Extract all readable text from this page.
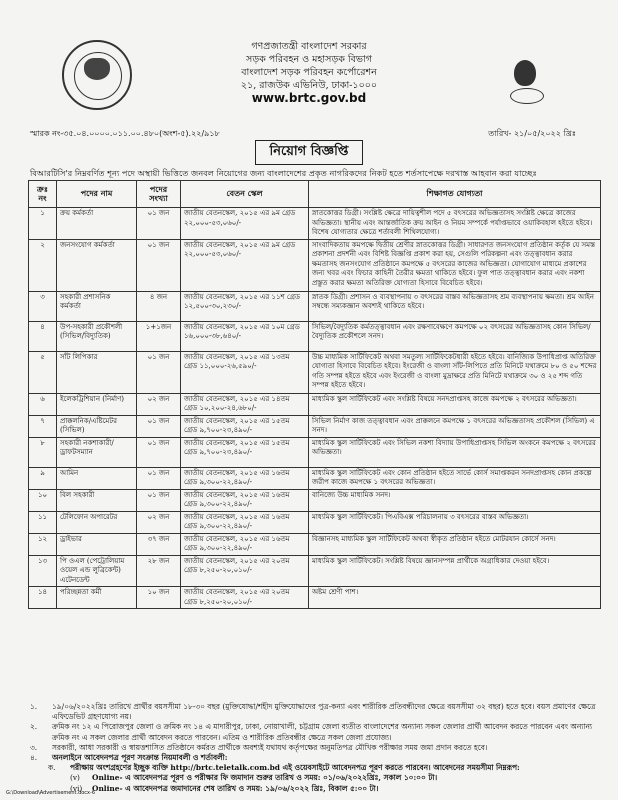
গণপ্রজাতন্ত্রী বাংলাদেশ সরকার
সড়ক পরিবহন ও মহাসড়ক বিভাগ
বাংলাদেশ সড়ক পরিবহন কর্পোরেশন
২১, রাজউক এভিনিউ, ঢাকা-১০০০
www.brtc.gov.bd
স্মারক নং-৩৫.০৪.০০০০.০১১.০০.৪৮০(অংশ-৫).২২/৯১৮	তারিখ- ২১/০৫/২০২২ খ্রিঃ
নিয়োগ বিজ্ঞপ্তি
বিআরটিসি'র নিম্নবর্ণিত শূন্য পদে অস্থায়ী ভিত্তিতে জনবল নিয়োগের জন্য বাংলাদেশের প্রকৃত নাগরিকদের নিকট হতে শর্তসাপেক্ষে দরখাস্ত আহবান করা যাচ্ছেঃ
ক্রঃ নং	পদের নাম	পদের সংখ্যা	বেতন স্কেল	শিক্ষাগত যোগ্যতা
১	ক্রয় কর্মকর্তা	০১ জন	জাতীয় বেতনস্কেল, ২০১৫ এর ৯ম গ্রেড ২২,০০০-৫৩,০৬০/-	স্নাতকোত্তর ডিগ্রী। সংশ্লিষ্ট ক্ষেত্রে দায়িত্বশীল পদে ৫ বৎসরের অভিজ্ঞতাসহ সংশ্লিষ্ট ক্ষেত্রে কাজের অভিজ্ঞতা। স্থানীয় এবং আন্তর্জাতিক ক্রয় আইন ও নিয়ম সম্পর্কে পর্যাপ্তভাবে ওয়াকিবহাল হইতে হইবে। বিশেষ যোগ্যতার ক্ষেত্রে শর্তাবলী শিথিলযোগ্য।
২	জনসংযোগ কর্মকর্তা	০১ জন	জাতীয় বেতনস্কেল, ২০১৫ এর ৯ম গ্রেড ২২,০০০-৫৩,০৬০/-	সাংবাদিকতায় কমপক্ষে দ্বিতীয় শ্রেণীর স্নাতকোত্তর ডিগ্রী। সাধারণত জনসংযোগ প্রতিষ্ঠান কর্তৃক যে সমস্ত প্রকাশনা প্রদর্শনী এবং বিশিষ্ট বিজ্ঞপ্তি প্রকাশ করা হয়, সেগুলি পরিকল্পনা এবং তত্ত্বাবধান করার ক্ষমতাসহ জনসংযোগ প্রতিষ্ঠানে কমপক্ষে ৫ বৎসরের কাজের অভিজ্ঞতা। যোগাযোগ মাধ্যমে প্রকাশের জন্য খবর এবং ফিচার কাহিনী তৈরীর ক্ষমতা থাকিতে হইবে। ফুল পাত তত্ত্বাবধান করার এবং নকশা প্রস্তুত করার ক্ষমতা অতিরিক্ত যোগ্যতা হিসাবে বিবেচিত হইবে।
৩	সহকারী প্রশাসনিক কর্মকর্তা	৪ জন	জাতীয় বেতনস্কেল, ২০১৫ এর ১১শ গ্রেড ১২,৫০০-৩০,২৩০/-	স্নাতক ডিগ্রী। প্রশাসন ও ব্যবস্থাপনায় ৩ বৎসরের বাস্তব অভিজ্ঞতাসহ শ্রম ব্যবস্থাপনায় ক্ষমতা। শ্রম আইন সম্বন্ধে সম্যকজ্ঞান অবশ্যই থাকিতে হইবে।
৪	উপ-সহকারী প্রকৌশলী (সিভিল/বিদ্যুতিক)	১+১জন	জাতীয় বেতনস্কেল, ২০১৫ এর ১০ম গ্রেড ১৬,০০০-৩৮,৬৪০/-	সিভিল/বৈদ্যুতিক কর্মতত্ত্বাবধান এবং রক্ষণাবেক্ষণে কমপক্ষে ০২ বৎসরের অভিজ্ঞতাসহ কোন সিভিল/বৈদ্যুতিক প্রকৌশলে সনদ।
৫	সাঁট লিপিকার	০১ জন	জাতীয় বেতনস্কেল, ২০১৫ এর ১৩তম গ্রেড ১১,০০০-২৬,৫৯০/-	উচ্চ মাধ্যমিক সার্টিফিকেট অথবা সমতুল্য সার্টিফিকেটধারী হইতে হইবে। বানিজ্যিক উপাধিপ্রাপ্ত অতিরিক্ত যোগ্যতা হিসাবে বিবেচিত হইবে। ইংরেজী ও বাংলা সাঁট-লিপিতে প্রতি মিনিটে যথাক্রমে ৮০ ও ৫০ শব্দের গতি সম্পন্ন হইতে হইবে এবং ইংরেজী ও বাংলা মুদ্রাক্ষরে প্রতি মিনিটে যথাক্রমে ৩০ ও ২৫ শব্দ গতি সম্পন্ন হইতে হইবে।
৬	ইলেকট্রিশিয়ান (নির্মাণ)	০২ জন	জাতীয় বেতনস্কেল, ২০১৫ এর ১৪তম গ্রেড ১০,২০০-২৪,৬৮০/-	মাধ্যমিক স্কুল সার্টিফিকেট এবং সংশ্লিষ্ট বিষয়ে সনদপ্রাপ্তসহ কাজে কমপক্ষে ২ বৎসরের অভিজ্ঞতা।
৭	প্রাক্কলনিক/এষ্টিমেটর (সিভিল)	০১ জন	জাতীয় বেতনস্কেল, ২০১৫ এর ১৫তম গ্রেড ৯,৭০০-২৩,৪৯০/-	সিভিল নির্মাণ কাজ তত্ত্বাবধান এবং প্রাক্কলনে কমপক্ষে ১ বৎসরের অভিজ্ঞতাসহ প্রকৌশল (সিভিল) এ সনদ।
৮	সহকারী নকশাকারী/ড্রাফটসম্যান	০১ জন	জাতীয় বেতনস্কেল, ২০১৫ এর ১৫তম গ্রেড ৯,৭০০-২৩,৪৯০/-	মাধ্যমিক স্কুল সার্টিফিকেট এবং সিভিল নকশা বিদ্যায় উপাধিপ্রাপ্তসহ সিভিল অংকনে কমপক্ষে ২ বৎসরের অভিজ্ঞতা।
৯	আমিন	০১ জন	জাতীয় বেতনস্কেল, ২০১৫ এর ১৬তম গ্রেড ৯,৩০০-২২,৪৯০/-	মাধ্যমিক স্কুল সার্টিফিকেট এবং কোন প্রতিষ্ঠান হইতে সার্ভে কোর্স সমাপ্তকরন সনদপ্রাপ্তসহ কোন প্রকল্পে জরীপ কাজে কমপক্ষে ১ বৎসরের অভিজ্ঞতা।
১০	বিল সহকারী	০১ জন	জাতীয় বেতনস্কেল, ২০১৫ এর ১৬তম গ্রেড ৯,৩০০-২২,৪৯০/-	বানিজ্যে উচ্চ মাধ্যমিক সনদ।
১১	টেলিফোন অপারেটর	০২ জন	জাতীয় বেতনস্কেল, ২০১৫ এর ১৬তম গ্রেড ৯,৩০০-২২,৪৯০/-	মাধ্যমিক স্কুল সার্টিফিকেট। পিএবিএক্স পরিচালনায় ৩ বৎসরের বাস্তব অভিজ্ঞতা।
১২	ড্রাইভার	৩৭ জন	জাতীয় বেতনস্কেল, ২০১৫ এর ১৬তম গ্রেড ৯,৩০০-২২,৪৯০/-	বিজ্ঞানসহ মাধ্যমিক স্কুল সার্টিফিকেট অথবা স্বীকৃত প্রতিষ্ঠান হইতে মোটরযান কোর্সে সনদ।
১৩	পি ওএল (পেট্রোলিয়াম ওয়েল এন্ড লুব্রিকেন্ট) এটেনডেন্ট	২৮ জন	জাতীয় বেতনস্কেল, ২০১৫ এর ২০তম গ্রেড ৮,২৫০-২০,০১০/-	মাধ্যমিক স্কুল সার্টিফিকেট। সংশ্লিষ্ট বিষয়ে জ্ঞানসম্পন্ন প্রার্থীকে অগ্রাধিকার দেওয়া হইবে।
১৪	পরিচ্ছন্নতা কর্মী	১০ জন	জাতীয় বেতনস্কেল, ২০১৫ এর ২০তম গ্রেড ৮,২৫০-২০,০১০/-	অষ্টম শ্রেণী পাশ।
১.	১৯/০৬/২০২২খ্রিঃ তারিখে প্রার্থীর বয়সসীমা ১৮-৩০ বছর (মুক্তিযোদ্ধা/শহীদ মুক্তিযোদ্ধাদের পুত্র-কন্যা এবং শারীরিক প্রতিবন্ধীদের ক্ষেত্রে বয়সসীমা ৩২ বছর) হতে হবে। বয়স প্রমাণের ক্ষেত্রে এফিডেভিট গ্রহণযোগ্য নয়।
২.	ক্রমিক নং ১২ এ পিরোজপুর জেলা ও ক্রমিক নং ১৪ এ মাদারীপুর, ঢাকা, নোয়াখালী, চট্টগ্রাম জেলা ব্যতীত বাংলাদেশের অন্যান্য সকল জেলার প্রার্থী আবেদন করতে পারবেন এবং অন্যান্য ক্রমিক নং এ সকল জেলার প্রার্থী আবেদন করতে পারবেন। এতিম ও শারীরিক প্রতিবন্ধীর ক্ষেত্রে সকল জেলা প্রযোজ্য।
৩.	সরকারী, আধা সরকারী ও স্বায়ত্তশাসিত প্রতিষ্ঠানে কর্মরত প্রার্থীকে অবশ্যই যথাযথ কর্তৃপক্ষের অনুমতিপত্র মৌখিক পরীক্ষার সময় জমা প্রদান করতে হবে।
৪.	অনলাইনে আবেদনপত্র পূরণ সংক্রান্ত নিয়মাবলী ও শর্তাবলী:
ক.	পরীক্ষায় অংশগ্রহণের ইচ্ছুক ব্যক্তি http://brtc.teletalk.com.bd এই ওয়েবসাইটে আবেদনপত্র পূরণ করতে পারবেন। আবেদনের সময়সীমা নিম্নরূপ:
(v)	Online- এ আবেদনপত্র পূরণ ও পরীক্ষার ফি জমাদান শুরুর তারিখ ও সময়: ০১/০৬/২০২২খ্রিঃ, সকাল ১০:০০ টা।
(vi)	Online- এ আবেদনপত্র জমাদানের শেষ তারিখ ও সময়: ১৯/০৬/২০২২ খ্রিঃ, বিকাল ৫:০০ টা।
G:\Download\Advertisement.docx-6
